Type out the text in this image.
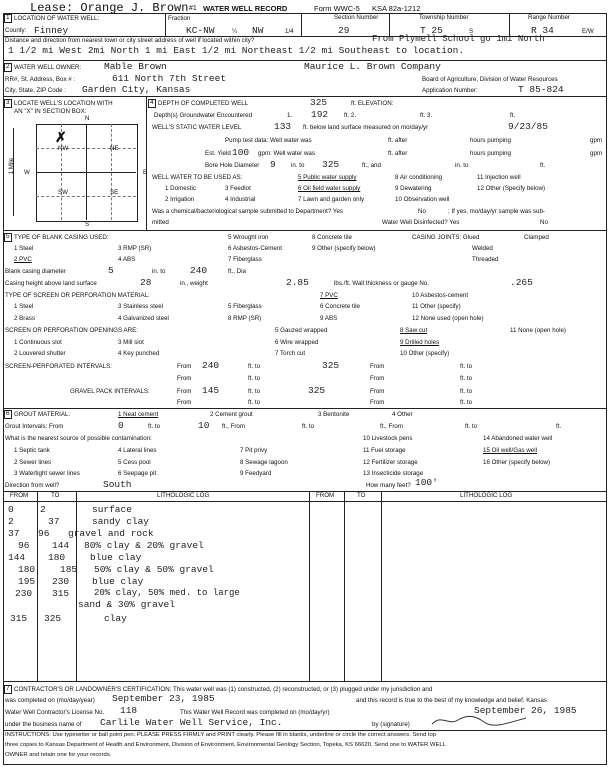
Lease: Orange J. Brown #1 WATER WELL RECORD	Form WWC-5 KSA 82a-1212
1 LOCATION OF WATER WELL:	Fraction	Section Number	Township Number	Range Number
County: Finney	KC-NW	¼ NW	1/4	29	T 25	S	R 34	E/W
Distance and direction from nearest town or city street address of well if located within city?	From Plymell School go 1mi North
1 1/2 mi West 2mi North 1 mi East 1/2 mi Northeast 1/2 mi Southeast to location.
2 WATER WELL OWNER: Mable Brown	Maurice L. Brown Company
RR#, St. Address, Box # :	611 North 7th Street	Board of Agriculture, Division of Water Resources
City, State, ZIP Code : Garden City, Kansas	Application Number:	T 85-824
3 LOCATE WELL'S LOCATION WITH
AN "X" IN SECTION BOX:
N
S
W	E
1 Mile
NW	NE
SW	SE
✗
4 DEPTH OF COMPLETED WELL	325	ft. ELEVATION:
Depth(s) Groundwater Encountered	1. 192	ft. 2.	ft. 3.	ft.
WELL'S STATIC WATER LEVEL	133 ft. below land surface measured on mo/day/yr	9/23/85
Pump test data: Well water was	ft. after	hours pumping	gpm
Est. Yield 100 gpm: Well water was	ft. after	hours pumping	gpm
Bore Hole Diameter 9 in. to 325	ft., and	in. to	ft.
WELL WATER TO BE USED AS:
1 Domestic	3 Feedlot
5 Public water supply	8 Air conditioning	11 Injection well
6 Oil field water supply	9 Dewatering	12 Other (Specify below)
2 Irrigation	4 Industrial	7 Lawn and garden only	10 Observation well
Was a chemical/bacteriological sample submitted to Department? Yes	No	; If yes, mo/day/yr sample was sub-
mitted	Water Well Disinfected? Yes	No
5 TYPE OF BLANK CASING USED:	5 Wrought iron	8 Concrete tile	CASING JOINTS: Glued	Clamped
1 Steel	3 RMP (SR)	6 Asbestos-Cement	9 Other (specify below)	Welded
2 PVC	4 ABS	7 Fiberglass	Threaded
Blank casing diameter	5	in. to	240	ft., Dia
Casing height above land surface	28	in., weight	2.85	lbs./ft. Wall thickness or gauge No.	.265
TYPE OF SCREEN OR PERFORATION MATERIAL:	7 PVC	10 Asbestos-cement
1 Steel	3 Stainless steel	5 Fiberglass	6 Concrete tile	11 Other (specify)
2 Brass	4 Galvanized steel	8 RMP (SR)	9 ABS	12 None used (open hole)
SCREEN OR PERFORATION OPENINGS ARE:	5 Gauzed wrapped	8 Saw cut	11 None (open hole)
1 Continuous slot	3 Mill slot	6 Wire wrapped	9 Drilled holes
2 Louvered shutter	4 Key punched	7 Torch cut	10 Other (specify)
SCREEN-PERFORATED INTERVALS:	From 240	ft. to	325	From	ft. to
From	ft. to	From	ft. to
GRAVEL PACK INTERVALS:	From 145	ft. to	325	From	ft. to
From	ft. to	From	ft. to
6 GROUT MATERIAL:	1 Neat cement	2 Cement grout	3 Bentonite	4 Other
Grout Intervals: From	0	ft. to	10 ft., From	ft. to	ft., From	ft. to	ft.
What is the nearest source of possible contamination:	10 Livestock pens	14 Abandoned water well
1 Septic tank	4 Lateral lines	7 Pit privy	11 Fuel storage	15 Oil well/Gas well
2 Sewer lines	5 Cess pool	8 Sewage lagoon	12 Fertilizer storage	16 Other (specify below)
3 Watertight sewer lines	6 Seepage pit	9 Feedyard	13 Insecticide storage
Direction from well?	South	How many feet? 100'
FROM	TO	LITHOLOGIC LOG	FROM	TO	LITHOLOGIC LOG
0	2	surface
2	37	sandy clay
37 96 gravel and rock
96 144 80% clay & 20% gravel
144 180	blue clay
180	185 50% clay & 50% gravel
195 230 blue clay
230 315	20% clay, 50% med. to large
sand & 30% gravel
315 325	clay
7 CONTRACTOR'S OR LANDOWNER'S CERTIFICATION: This water well was (1) constructed, (2) reconstructed, or (3) plugged under my jurisdiction and
was completed on (mo/day/year) September 23, 1985	and this record is true to the best of my knowledge and belief. Kansas
Water Well Contractor's License No. 118	This Water Well Record was completed on (mo/day/yr)	September 26, 1985
under the business name of Carlile Water Well Service, Inc.	by (signature)
INSTRUCTIONS: Use typewriter or ball point pen. PLEASE PRESS FIRMLY and PRINT clearly. Please fill in blanks, underline or circle the correct answers. Send top
three copies to Kansas Department of Health and Environment, Division of Environment, Environmental Geology Section, Topeka, KS 66620. Send one to WATER WELL
OWNER and retain one for your records.
